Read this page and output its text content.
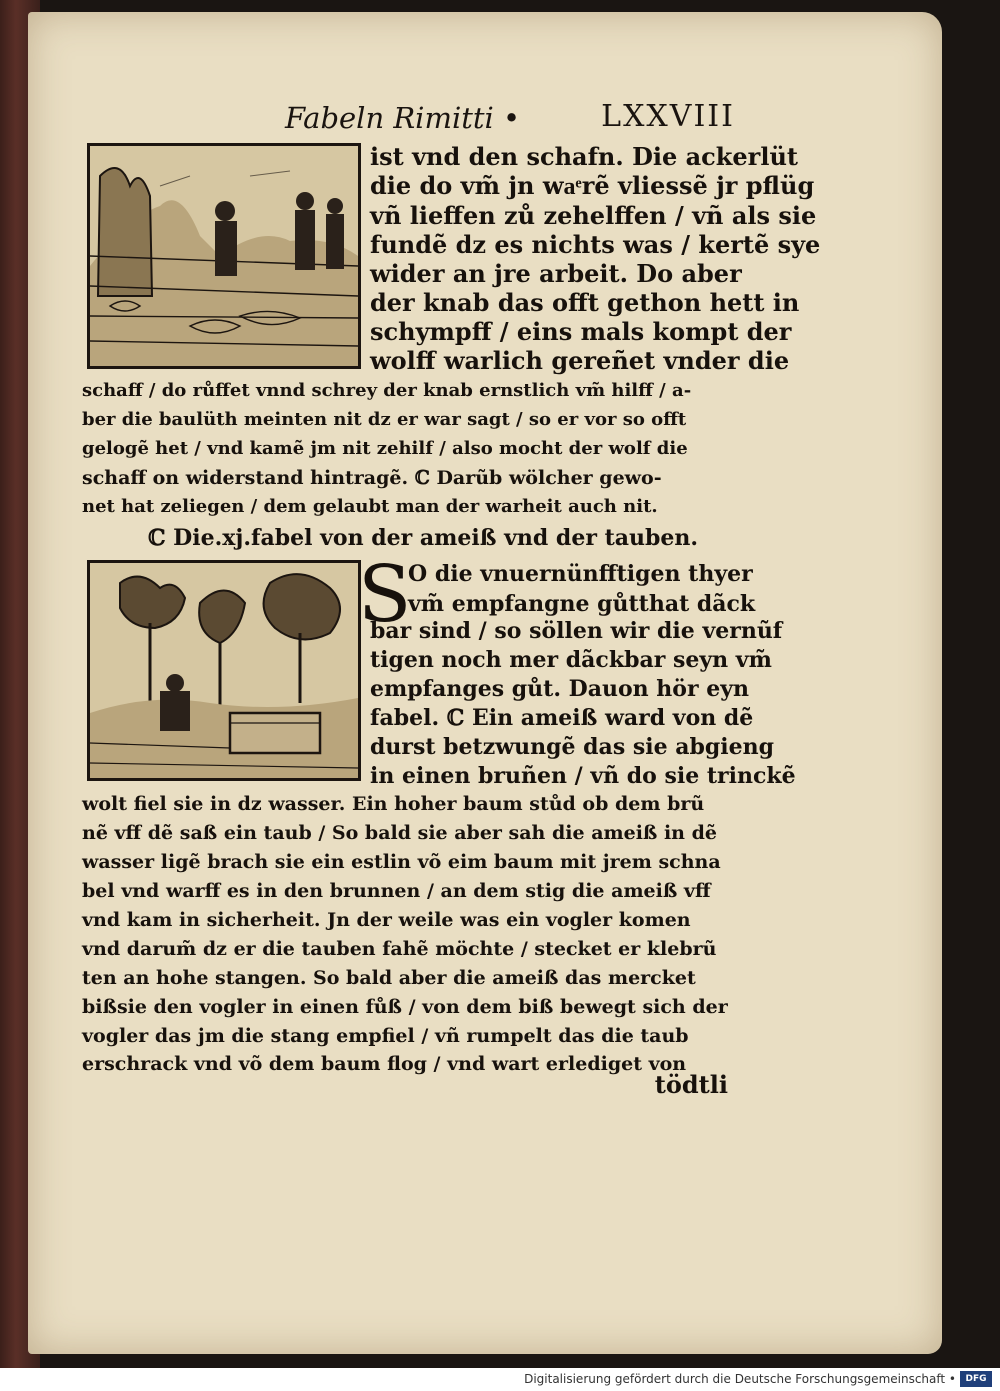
Fabeln Rimitti •	LXXVIII
ist vnd den schafn. Die ackerlüt
die do vm̃ jn waͤrẽ vliessẽ jr pflüg
vñ lieffen zů zehelffen / vñ als sie
fundẽ dz es nichts was / kertẽ sye
wider an jre arbeit. Do aber
der knab das offt gethon hett in
schympff / eins mals kompt der
wolff warlich gereñet vnder die
schaff / do růffet vnnd schrey der knab ernstlich vm̃ hilff / a-
ber die baulüth meinten nit dz er war sagt / so er vor so offt
gelogẽ het / vnd kamẽ jm nit zehilf / also mocht der wolf die
schaff on widerstand hintragẽ. ℂ Darũb wölcher gewo-
net hat zeliegen / dem gelaubt man der warheit auch nit.
ℂ Die.xj.fabel von der ameiß vnd der tauben.
S
O die vnuernünfftigen thyer
vm̃ empfangne gůtthat dãck
bar sind / so söllen wir die vernũf
tigen noch mer dãckbar seyn vm̃
empfanges gůt. Dauon hör eyn
fabel. ℂ Ein ameiß ward von dẽ
durst betzwungẽ das sie abgieng
in einen bruñen / vñ do sie trinckẽ
wolt fiel sie in dz wasser. Ein hoher baum stůd ob dem brũ
nẽ vff dẽ saß ein taub / So bald sie aber sah die ameiß in dẽ
wasser ligẽ brach sie ein estlin võ eim baum mit jrem schna
bel vnd warff es in den brunnen / an dem stig die ameiß vff
vnd kam in sicherheit. Jn der weile was ein vogler komen
vnd darum̃ dz er die tauben fahẽ möchte / stecket er klebrũ
ten an hohe stangen. So bald aber die ameiß das mercket
bißsie den vogler in einen fůß / von dem biß bewegt sich der
vogler das jm die stang empfiel / vñ rumpelt das die taub
erschrack vnd võ dem baum flog / vnd wart erlediget von
tödtli
Digitalisierung gefördert durch die Deutsche Forschungsgemeinschaft •	DFG
